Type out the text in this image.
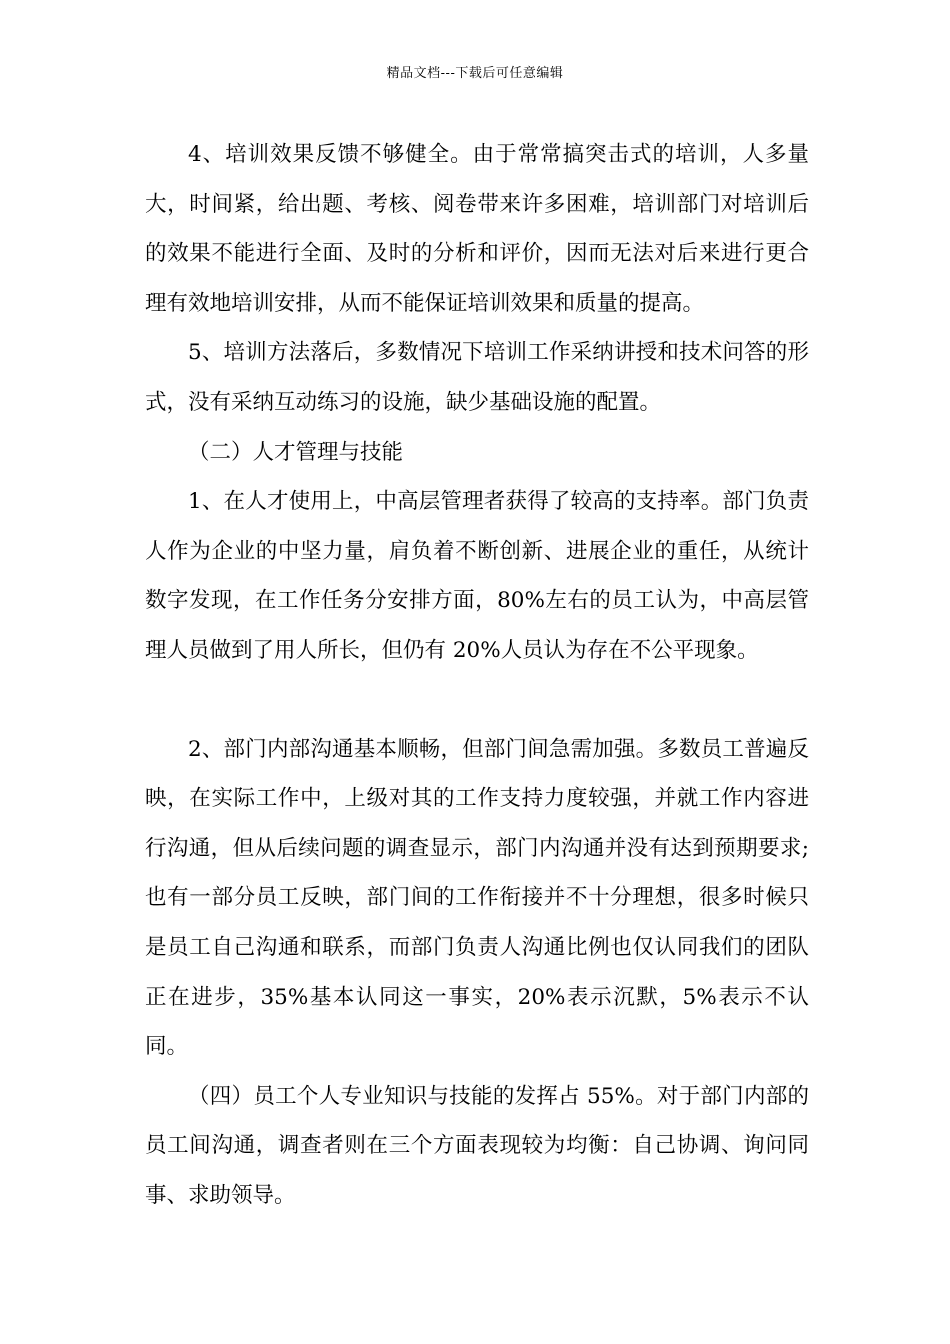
精品文档---下载后可任意编辑

4、培训效果反馈不够健全。由于常常搞突击式的培训，人多量大，时间紧，给出题、考核、阅卷带来许多困难，培训部门对培训后的效果不能进行全面、及时的分析和评价，因而无法对后来进行更合理有效地培训安排，从而不能保证培训效果和质量的提高。

5、培训方法落后，多数情况下培训工作采纳讲授和技术问答的形式，没有采纳互动练习的设施，缺少基础设施的配置。

（二）人才管理与技能

1、在人才使用上，中高层管理者获得了较高的支持率。部门负责人作为企业的中坚力量，肩负着不断创新、进展企业的重任，从统计数字发现，在工作任务分安排方面，80%左右的员工认为，中高层管理人员做到了用人所长，但仍有 20%人员认为存在不公平现象。

2、部门内部沟通基本顺畅，但部门间急需加强。多数员工普遍反映，在实际工作中，上级对其的工作支持力度较强，并就工作内容进行沟通，但从后续问题的调查显示，部门内沟通并没有达到预期要求;也有一部分员工反映，部门间的工作衔接并不十分理想，很多时候只是员工自己沟通和联系，而部门负责人沟通比例也仅认同我们的团队正在进步，35%基本认同这一事实，20%表示沉默，5%表示不认同。

（四）员工个人专业知识与技能的发挥占 55%。对于部门内部的员工间沟通，调查者则在三个方面表现较为均衡：自己协调、询问同事、求助领导。
